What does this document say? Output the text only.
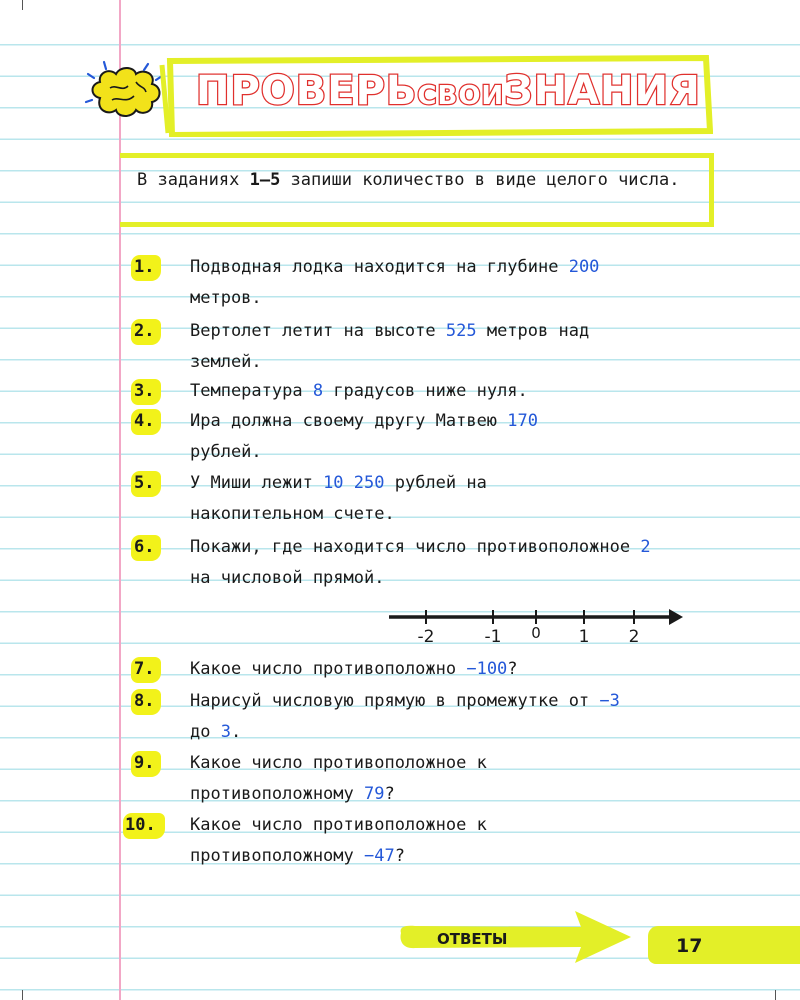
ПРОВЕРЬСВОИЗНАНИЯ
В заданиях 1–5 запиши количество в виде целого числа.
1. Подводная лодка находится на глубине 200 метров.
2. Вертолет летит на высоте 525 метров над землей.
3. Температура 8 градусов ниже нуля.
4. Ира должна своему другу Матвею 170 рублей.
5. У Миши лежит 10 250 рублей на накопительном счете.
6. Покажи, где находится число противоположное 2 на числовой прямой.
-2	-1 0 1 2
7. Какое число противоположно −100?
8. Нарисуй числовую прямую в промежутке от −3 до 3.
9. Какое число противоположное к противоположному 79?
10. Какое число противоположное к противоположному −47?
ОТВЕТЫ	17
